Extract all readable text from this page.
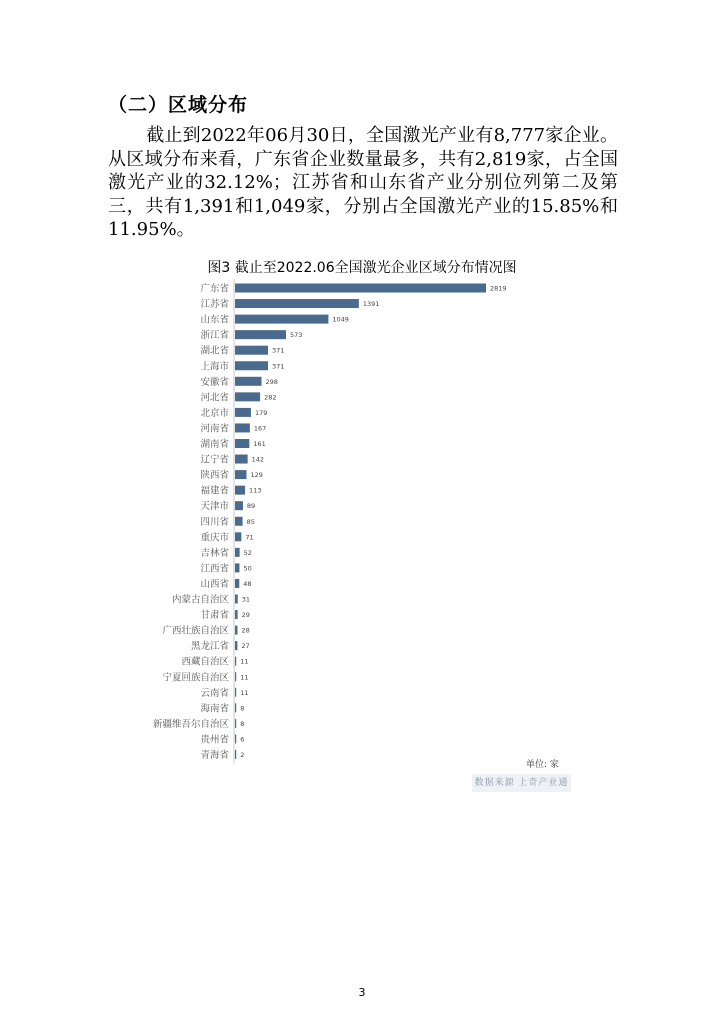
（二）区域分布
截止到2022年06月30日，全国激光产业有8,777家企业。从区域分布来看，广东省企业数量最多，共有2,819家，占全国激光产业的32.12%；江苏省和山东省产业分别位列第二及第三，共有1,391和1,049家，分别占全国激光产业的15.85%和11.95%。
图3 截止至2022.06全国激光企业区域分布情况图
广东省	2819
江苏省	1391
山东省	1049
浙江省	573
湖北省	371
上海市	371
安徽省	298
河北省	282
北京市	179
河南省	167
湖南省	161
辽宁省	142
陕西省	129
福建省	113
天津市	89
四川省	85
重庆市	71
吉林省 52
江西省 50
山西省 48
内蒙古自治区 31
甘肃省 29
广西壮族自治区 28
黑龙江省 27
西藏自治区 11
宁夏回族自治区 11
云南省 11
海南省 8
新疆维吾尔自治区 8
贵州省 6
青海省 2
单位: 家
数据来源 上奇产业通
3
